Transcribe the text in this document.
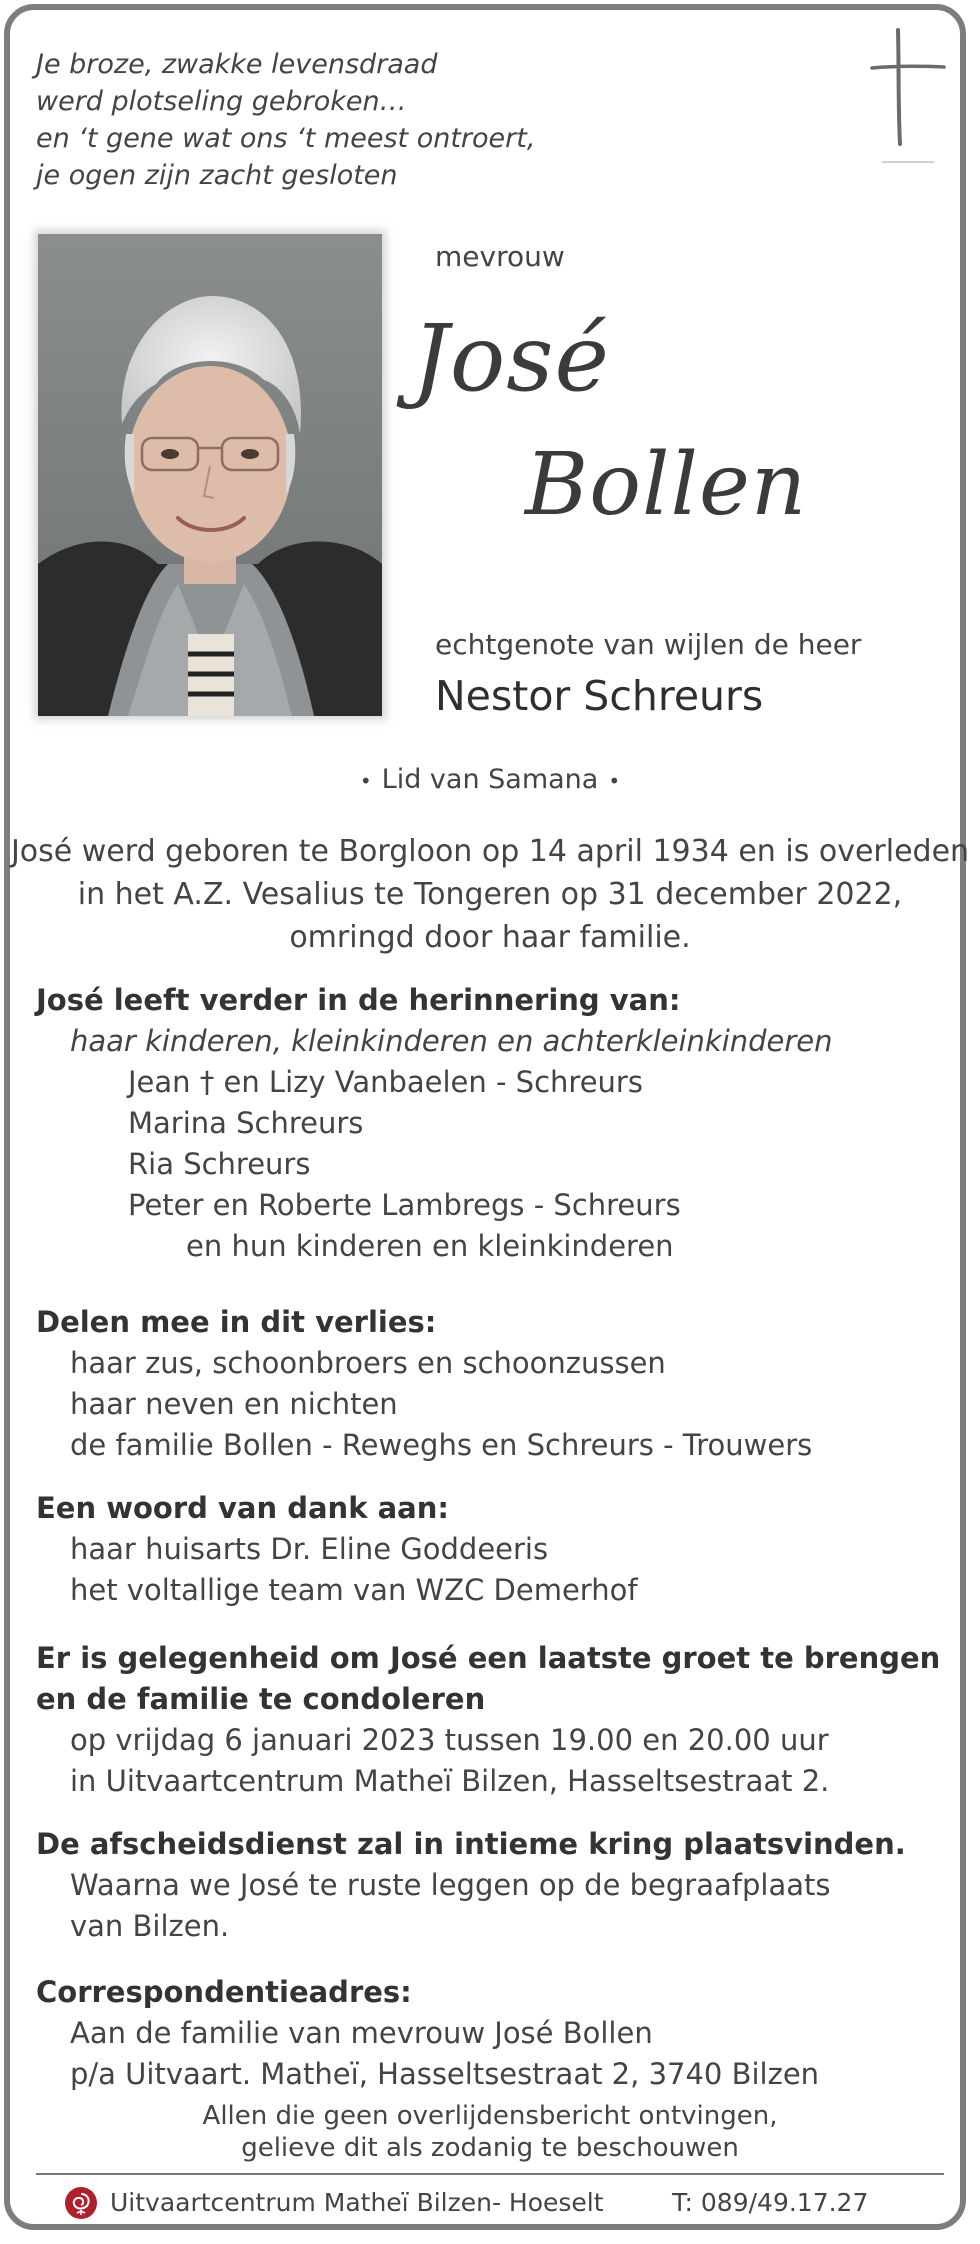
Je broze, zwakke levensdraad
werd plotseling gebroken…
en ‘t gene wat ons ‘t meest ontroert,
je ogen zijn zacht gesloten
mevrouw
José
Bollen
echtgenote van wijlen de heer
Nestor Schreurs
• Lid van Samana •
José werd geboren te Borgloon op 14 april 1934 en is overleden
in het A.Z. Vesalius te Tongeren op 31 december 2022,
omringd door haar familie.
José leeft verder in de herinnering van:
haar kinderen, kleinkinderen en achterkleinkinderen
Jean † en Lizy Vanbaelen - Schreurs
Marina Schreurs
Ria Schreurs
Peter en Roberte Lambregs - Schreurs
en hun kinderen en kleinkinderen
Delen mee in dit verlies:
haar zus, schoonbroers en schoonzussen
haar neven en nichten
de familie Bollen - Reweghs en Schreurs - Trouwers
Een woord van dank aan:
haar huisarts Dr. Eline Goddeeris
het voltallige team van WZC Demerhof
Er is gelegenheid om José een laatste groet te brengen
en de familie te condoleren
op vrijdag 6 januari 2023 tussen 19.00 en 20.00 uur
in Uitvaartcentrum Matheï Bilzen, Hasseltsestraat 2.
De afscheidsdienst zal in intieme kring plaatsvinden.
Waarna we José te ruste leggen op de begraafplaats
van Bilzen.
Correspondentieadres:
Aan de familie van mevrouw José Bollen
p/a Uitvaart. Matheï, Hasseltsestraat 2, 3740 Bilzen
Allen die geen overlijdensbericht ontvingen,
gelieve dit als zodanig te beschouwen
Uitvaartcentrum Matheï Bilzen- Hoeselt	T: 089/49.17.27
